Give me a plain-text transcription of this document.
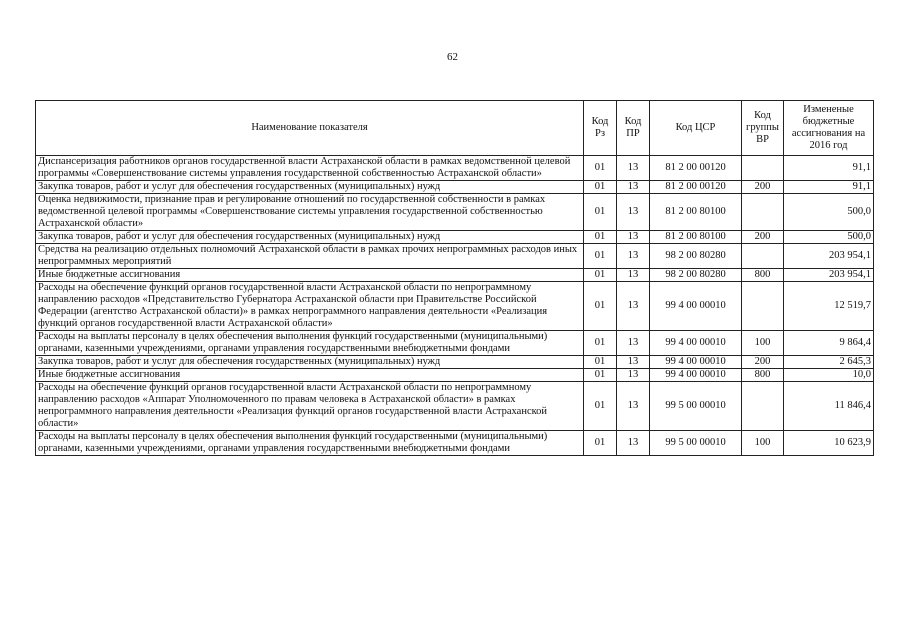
62
Наименование показателя	Код Рз	Код ПР	Код ЦСР	Код группы ВР	Измененые бюджетные ассигнования на 2016 год
Диспансеризация работников органов государственной власти Астраханской области в рамках ведомственной целевой программы «Совершенствование системы управления государственной собственностью Астраханской области»	01	13	81 2 00 00120		91,1
Закупка товаров, работ и услуг для обеспечения государственных (муниципальных) нужд	01	13	81 2 00 00120	200	91,1
Оценка недвижимости, признание прав и регулирование отношений по государственной собственности в рамках ведомственной целевой программы «Совершенствование системы управления государственной собственностью Астраханской области»	01	13	81 2 00 80100		500,0
Закупка товаров, работ и услуг для обеспечения государственных (муниципальных) нужд	01	13	81 2 00 80100	200	500,0
Средства на реализацию отдельных полномочий Астраханской области в рамках прочих непрограммных расходов иных непрограммных мероприятий	01	13	98 2 00 80280		203 954,1
Иные бюджетные ассигнования	01	13	98 2 00 80280	800	203 954,1
Расходы на обеспечение функций органов государственной власти Астраханской области по непрограммному направлению расходов «Представительство Губернатора Астраханской области при Правительстве Российской Федерации (агентство Астраханской области)» в рамках непрограммного направления деятельности «Реализация функций органов государственной власти Астраханской области»	01	13	99 4 00 00010		12 519,7
Расходы на выплаты персоналу в целях обеспечения выполнения функций государственными (муниципальными) органами, казенными учреждениями, органами управления государственными внебюджетными фондами	01	13	99 4 00 00010	100	9 864,4
Закупка товаров, работ и услуг для обеспечения государственных (муниципальных) нужд	01	13	99 4 00 00010	200	2 645,3
Иные бюджетные ассигнования	01	13	99 4 00 00010	800	10,0
Расходы на обеспечение функций органов государственной власти Астраханской области по непрограммному направлению расходов «Аппарат Уполномоченного по правам человека в Астраханской области» в рамках непрограммного направления деятельности «Реализация функций органов государственной власти Астраханской области»	01	13	99 5 00 00010		11 846,4
Расходы на выплаты персоналу в целях обеспечения выполнения функций государственными (муниципальными) органами, казенными учреждениями, органами управления государственными внебюджетными фондами	01	13	99 5 00 00010	100	10 623,9
